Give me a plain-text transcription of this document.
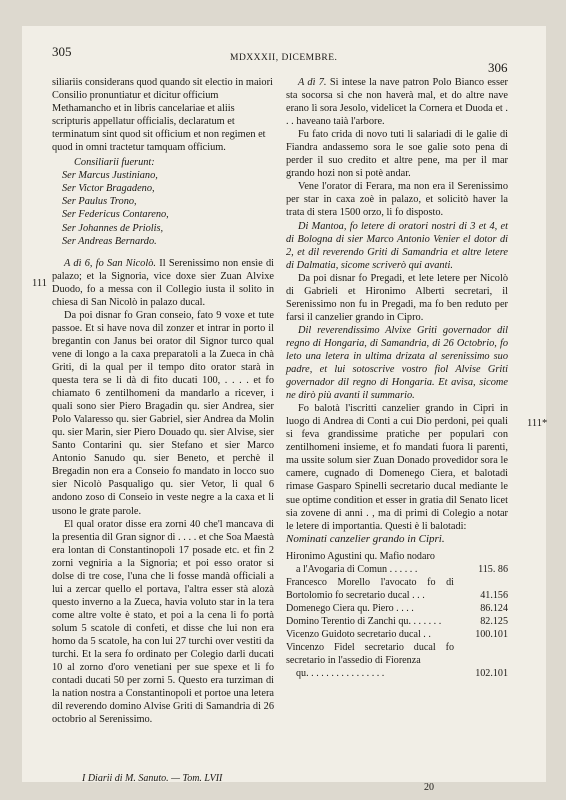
305	MDXXXII, DICEMBRE.
306
111
111*

siliariis considerans quod quando sit electio in maiori Consilio pronuntiatur et dicitur officium Methamancho et in libris cancelariae et aliis scripturis appellatur officialis, declaratum et terminatum sint quod sit officium et non regimen et quod in omni tractetur tamquam officium.

Consiliarii fuerunt:

Ser Marcus Justiniano,
Ser Victor Bragadeno,
Ser Paulus Trono,
Ser Federicus Contareno,
Ser Johannes de Priolis,
Ser Andreas Bernardo.

A dì 6, fo San Nicolò. Il Serenissimo non ensìe di palazo; et la Signoria, vice doxe sier Zuan Alvixe Duodo, fo a messa con il Collegio iusta il solito in chiesa di San Nicolò in palazo ducal.

Da poi disnar fo Gran conseio, fato 9 voxe et tute passoe. Et si have nova dil zonzer et intrar in porto il bregantin con Janus bei orator dil Signor turco qual vene di longo a la caxa preparatoli a la Zueca in chà Griti, di la qual per il tempo dito orator starà in questa tera se li dà di fito ducati 100, . . . . et fo chiamato 6 zentilhomeni da mandarlo a ricever, i quali sono sier Piero Bragadin qu. sier Andrea, sier Polo Valaresso qu. sier Gabriel, sier Andrea da Molin qu. sier Marin, sier Piero Douado qu. sier Alvise, sier Santo Contarini qu. sier Stefano et sier Marco Antonio Sanudo qu. sier Beneto, et perchè il Bregadin non era a Conseio fo mandato in locco suo sier Nicolò Pasqualigo qu. sier Vetor, li qual 6 andono zoso di Conseio in veste negre a la caxa et li usono le grate parole.

El qual orator disse era zorni 40 che'l mancava di la presentia dil Gran signor di . . . . et che Soa Maestà era lontan di Constantinopoli 17 posade etc. et fin 2 zorni vegniria a la Signoria; et poi esso orator si dolse di tre cose, l'una che li fosse mandà officiali a lui a zercar quello el portava, l'altra esser stà alozà questo inverno a la Zueca, havia voluto star in la tera come altre volte è stato, et poi a la cena li fo portà solum 5 scatole di confeti, et disse che lui non era homo da 5 scatole, ha con lui 27 turchi over vestiti da turchi. Et la sera fo ordinato per Colegio darli ducati 10 al zorno d'oro venetiani per sue spexe et li fo contadi ducati 50 per zorni 5. Questo era turziman di la nation nostra a Constantinopoli et portoe una letera dil reverendo domino Alvise Griti di Samandria di 26 octobrio al Serenissimo.

A dì 7. Si intese la nave patron Polo Bianco esser sta socorsa si che non haverà mal, et do altre nave erano lì sora Jesolo, videlicet la Cornera et Duoda et . . . haveano taià l'arbore.

Fu fato crida di novo tuti li salariadi di le galie di Fiandra andassemo sora le soe galie soto pena di perder il suo credito et altre pene, ma per il mar grando hozi non si potè andar.

Vene l'orator di Ferara, ma non era il Serenissimo per star in caxa zoè in palazo, et solicitò haver la trata di stera 1500 orzo, li fo disposto.

Di Mantoa, fo letere di oratori nostri di 3 et 4, et di Bologna di sier Marco Antonio Venier el dotor di 2, et dil reverendo Griti di Samandria et altre letere di Dalmatia, sicome scriverò qui avanti.

Da poi disnar fo Pregadi, et lete letere per Nicolò di Gabrieli et Hironimo Alberti secretari, il Serenissimo non fu in Pregadi, ma fo ben reduto per farsi il canzelier grando in Cipro.

Dil reverendissimo Alvixe Griti governador dil regno di Hongaria, di Samandria, di 26 Octobrio, fo leto una letera in ultima drizata al serenissimo suo padre, et lui sotoscrive vostro fiol Alvise Griti governador dil regno di Hongaria. Et avisa, sicome ne dirò più avanti il summario.

Fo balotà l'iscritti canzelier grando in Cipri in luogo di Andrea di Conti a cui Dio perdoni, pei quali si feva grandissime pratiche per populari con zentilhomeni insieme, et fo mandati fuora li parenti, ma ussite solum sier Zuan Donado provedidor sora le camere, cugnado di Domenego Ciera, et balotadi rimase Gasparo Spinelli secretario ducal mediante le sue optime condition et esser in gratia dil Senato licet sia zovene di anni . , ma di primi di Colegio a notar le letere di importantia. Questi è li balotadi:

Nominati canzelier grando in Cipri.

Hironimo Agustini qu. Mafio nodaro	
a l'Avogaria di Comun . . . . . .	115. 86
Francesco Morello l'avocato fo di Bortolomio fo secretario ducal . . .	41.156
Domenego Ciera qu. Piero . . . .	86.124
Domino Terentio di Zanchi qu. . . . . . .	82.125
Vicenzo Guidoto secretario ducal . .	100.101
Vincenzo Fidel secretario ducal fo secretario in l'assedio di Fiorenza	
qu. . . . . . . . . . . . . . . .	102.101
I Diarii di M. Sanuto. — Tom. LVII
20
